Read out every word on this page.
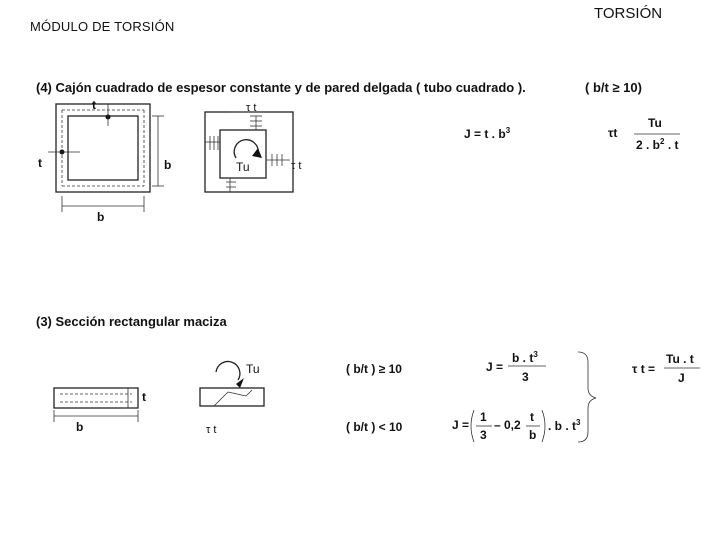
MÓDULO DE TORSIÓN
TORSIÓN
(4) Cajón cuadrado de espesor constante y de pared delgada ( tubo cuadrado ).	( b/t ≥ 10)
t
t	b
b
τ t
τ t
Tu
J = t . $b^3$	τt
Tu
2 . $b^2$ . t
(3) Sección rectangular maciza
t
b
Tu
τ t
( b/t ) ≥ 10
( b/t ) < 10
J =
b . $t^3$
3
J =
1
3
– 0,2
t
b
. b . $t^3$
τ t =
Tu . t
J
